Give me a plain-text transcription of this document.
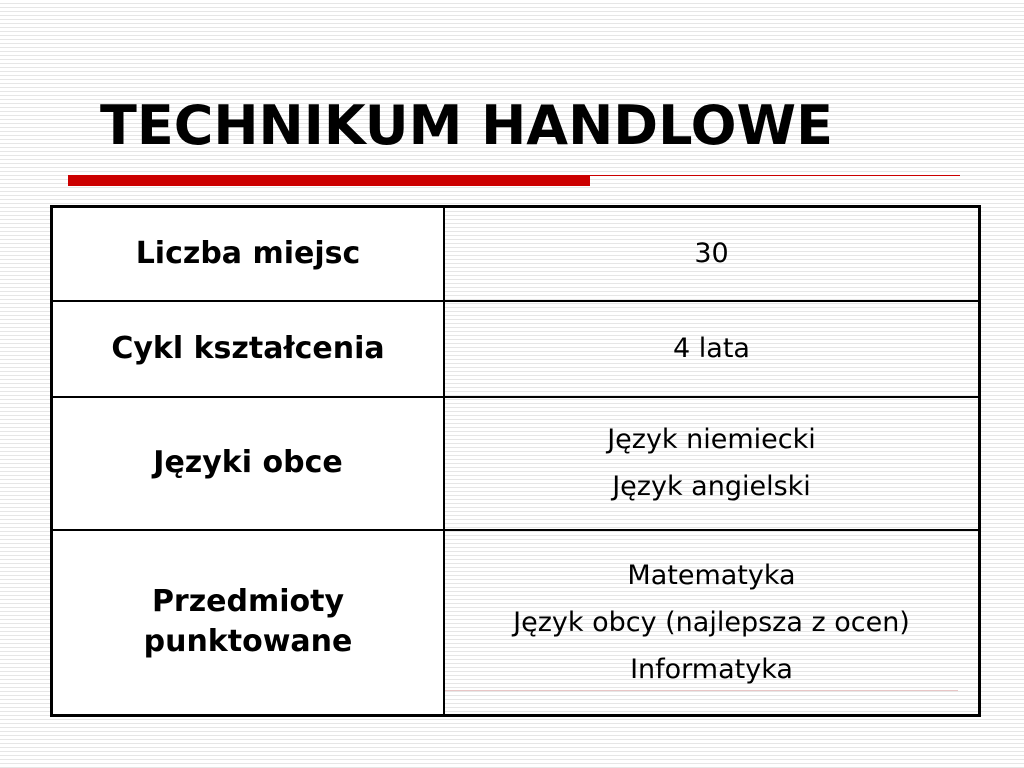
TECHNIKUM HANDLOWE
Liczba miejsc	30

Cykl kształcenia	4 lata

Języki obce	Język niemiecki
Język angielski

Przedmioty punktowane	Matematyka
Język obcy (najlepsza z ocen)
Informatyka
